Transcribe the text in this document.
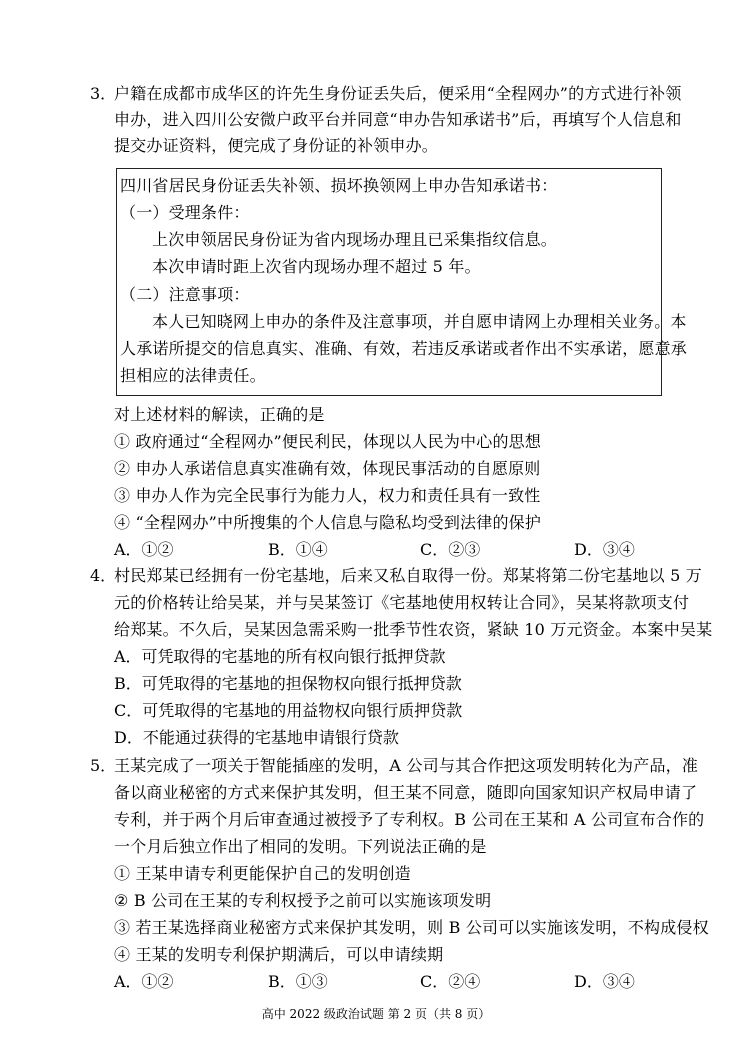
3．
户籍在成都市成华区的许先生身份证丢失后，便采用“全程网办”的方式进行补领
申办，进入四川公安微户政平台并同意“申办告知承诺书”后，再填写个人信息和
提交办证资料，便完成了身份证的补领申办。
四川省居民身份证丢失补领、损坏换领网上申办告知承诺书：
（一）受理条件：
上次申领居民身份证为省内现场办理且已采集指纹信息。
本次申请时距上次省内现场办理不超过 5 年。
（二）注意事项：
本人已知晓网上申办的条件及注意事项，并自愿申请网上办理相关业务。本
人承诺所提交的信息真实、准确、有效，若违反承诺或者作出不实承诺，愿意承
担相应的法律责任。
对上述材料的解读，正确的是
① 政府通过“全程网办”便民利民，体现以人民为中心的思想
② 申办人承诺信息真实准确有效，体现民事活动的自愿原则
③ 申办人作为完全民事行为能力人，权力和责任具有一致性
④ “全程网办”中所搜集的个人信息与隐私均受到法律的保护
A．①②	B．①④	C．②③	D．③④
4．
村民郑某已经拥有一份宅基地，后来又私自取得一份。郑某将第二份宅基地以 5 万
元的价格转让给吴某，并与吴某签订《宅基地使用权转让合同》，吴某将款项支付
给郑某。不久后，吴某因急需采购一批季节性农资，紧缺 10 万元资金。本案中吴某
A．可凭取得的宅基地的所有权向银行抵押贷款
B．可凭取得的宅基地的担保物权向银行抵押贷款
C．可凭取得的宅基地的用益物权向银行质押贷款
D．不能通过获得的宅基地申请银行贷款
5．
王某完成了一项关于智能插座的发明，A 公司与其合作把这项发明转化为产品，准
备以商业秘密的方式来保护其发明，但王某不同意，随即向国家知识产权局申请了
专利，并于两个月后审查通过被授予了专利权。B 公司在王某和 A 公司宣布合作的
一个月后独立作出了相同的发明。下列说法正确的是
① 王某申请专利更能保护自己的发明创造
② B 公司在王某的专利权授予之前可以实施该项发明
③ 若王某选择商业秘密方式来保护其发明，则 B 公司可以实施该发明，不构成侵权
④ 王某的发明专利保护期满后，可以申请续期
A．①②	B．①③	C．②④	D．③④
高中 2022 级政治试题 第 2 页（共 8 页）
